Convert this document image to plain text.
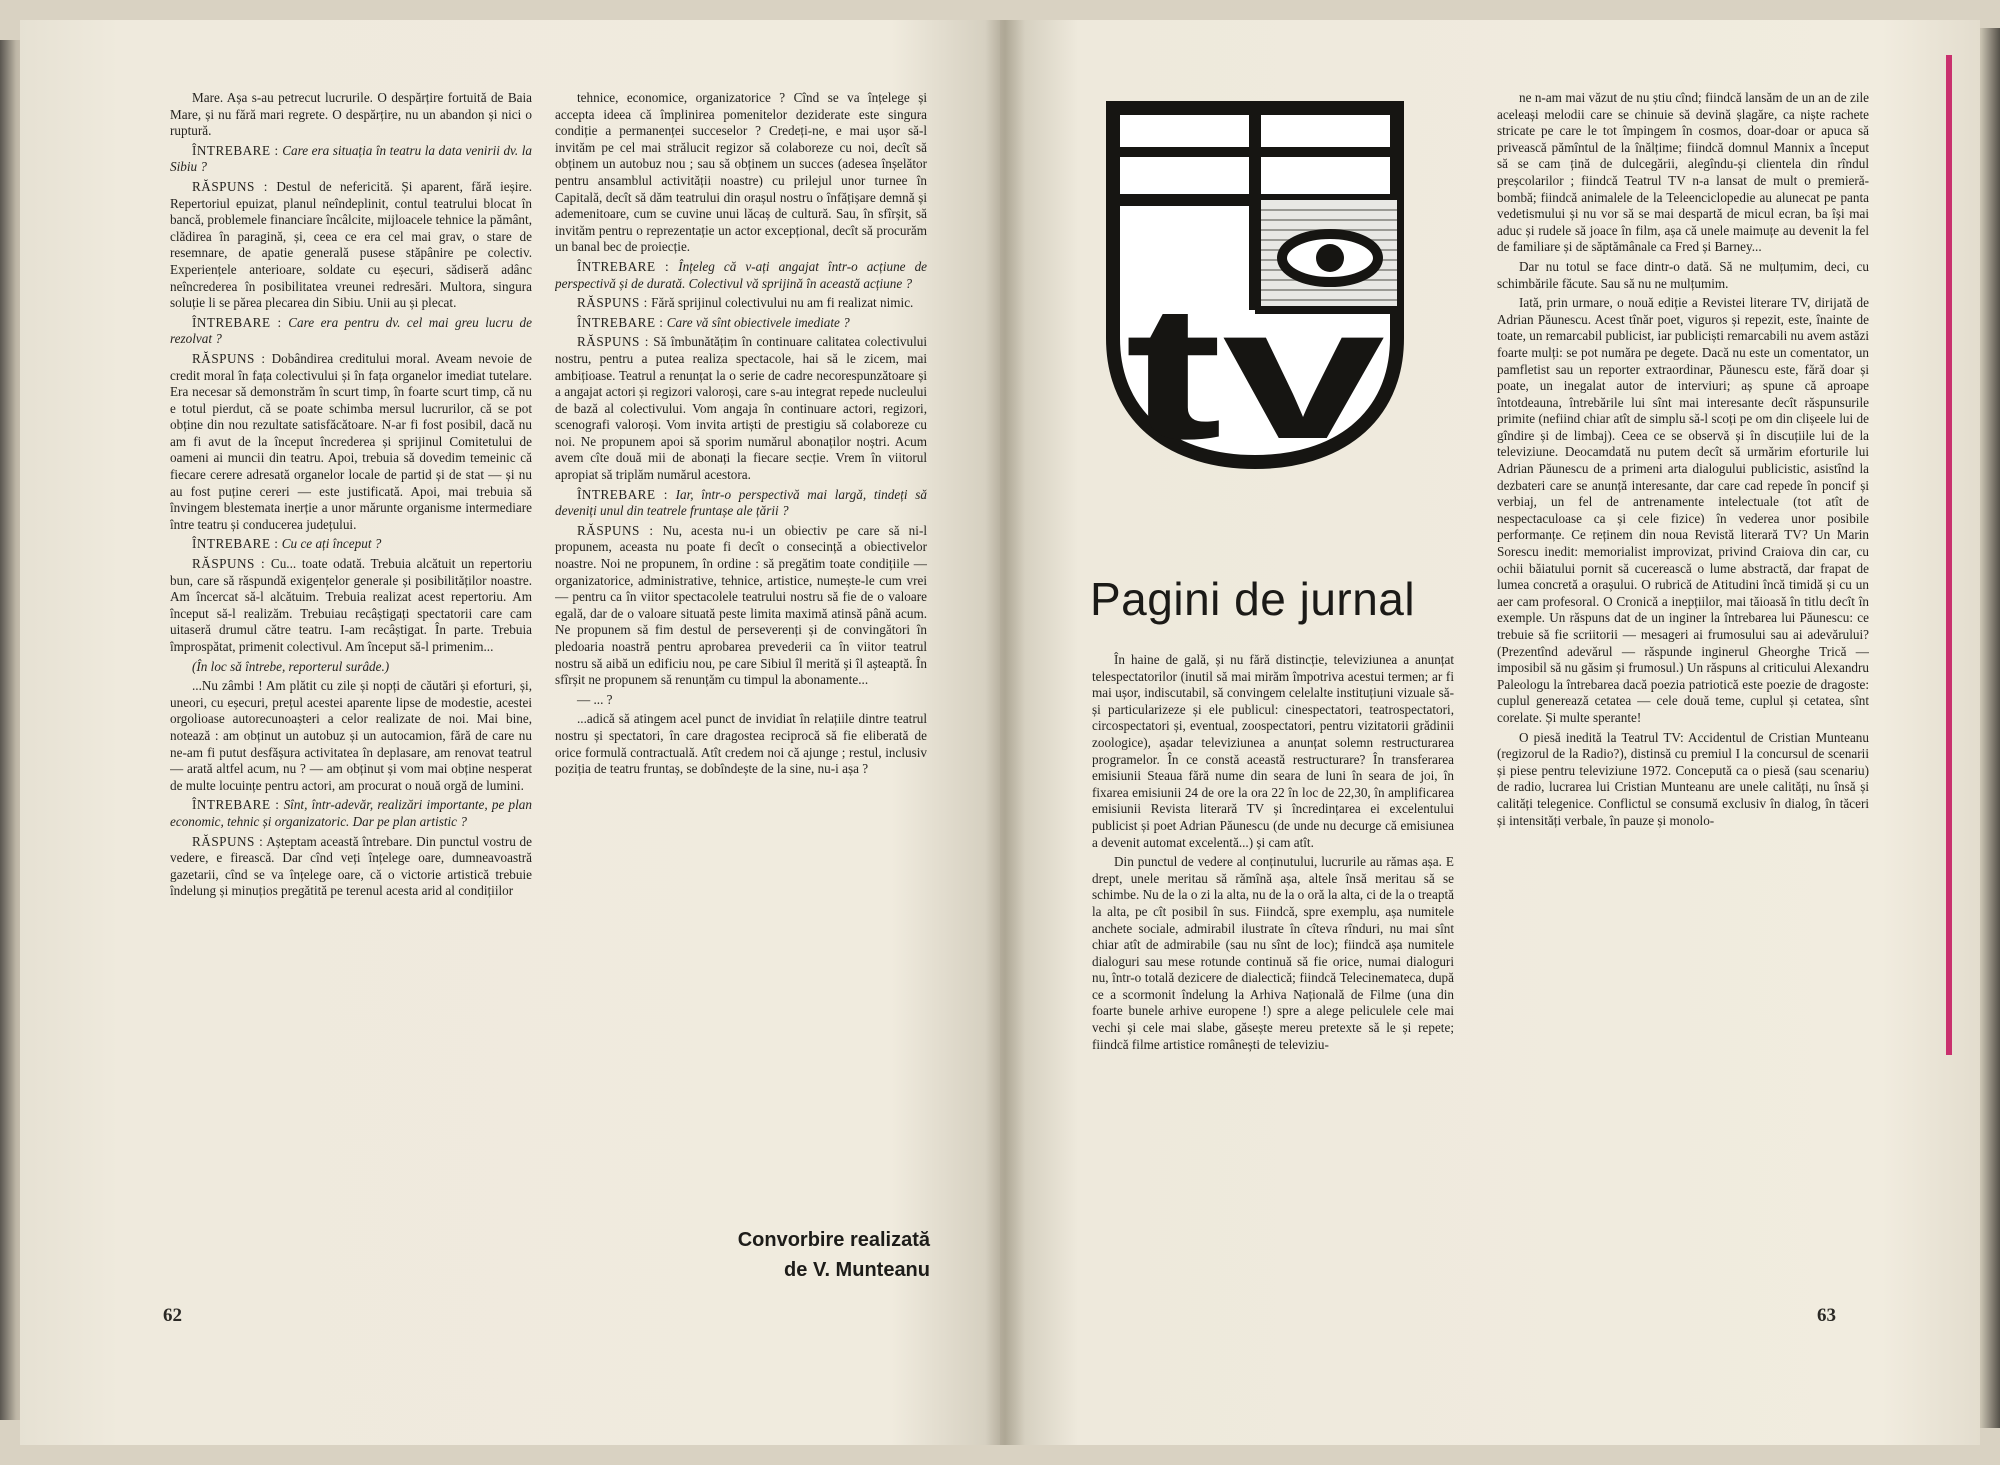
Mare. Așa s-au petrecut lucrurile. O despărțire fortuită de Baia Mare, și nu fără mari regrete. O despărțire, nu un abandon și nici o ruptură.

ÎNTREBARE : Care era situația în teatru la data venirii dv. la Sibiu ?

RĂSPUNS : Destul de nefericită. Și aparent, fără ieșire. Repertoriul epuizat, planul neîndeplinit, contul teatrului blocat în bancă, problemele financiare încâlcite, mijloacele tehnice la pământ, clădirea în paragină, și, ceea ce era cel mai grav, o stare de resemnare, de apatie generală pusese stăpânire pe colectiv. Experiențele anterioare, soldate cu eșecuri, sădiseră adânc neîncrederea în posibilitatea vreunei redresări. Multora, singura soluție li se părea plecarea din Sibiu. Unii au și plecat.

ÎNTREBARE : Care era pentru dv. cel mai greu lucru de rezolvat ?

RĂSPUNS : Dobândirea creditului moral. Aveam nevoie de credit moral în fața colectivului și în fața organelor imediat tutelare. Era necesar să demonstrăm în scurt timp, în foarte scurt timp, că nu e totul pierdut, că se poate schimba mersul lucrurilor, că se pot obține din nou rezultate satisfăcătoare. N-ar fi fost posibil, dacă nu am fi avut de la început încrederea și sprijinul Comitetului de oameni ai muncii din teatru. Apoi, trebuia să dovedim temeinic că fiecare cerere adresată organelor locale de partid și de stat — și nu au fost puține cereri — este justificată. Apoi, mai trebuia să învingem blestemata inerție a unor mărunte organisme intermediare între teatru și conducerea județului.

ÎNTREBARE : Cu ce ați început ?

RĂSPUNS : Cu... toate odată. Trebuia alcătuit un repertoriu bun, care să răspundă exigențelor generale și posibilităților noastre. Am încercat să-l alcătuim. Trebuia realizat acest repertoriu. Am început să-l realizăm. Trebuiau recâștigați spectatorii care cam uitaseră drumul către teatru. I-am recâștigat. În parte. Trebuia împrospătat, primenit colectivul. Am început să-l primenim...

(În loc să întrebe, reporterul surâde.)

...Nu zâmbi ! Am plătit cu zile și nopți de căutări și eforturi, și, uneori, cu eșecuri, prețul acestei aparente lipse de modestie, acestei orgolioase autorecunoașteri a celor realizate de noi. Mai bine, notează : am obținut un autobuz și un autocamion, fără de care nu ne-am fi putut desfășura activitatea în deplasare, am renovat teatrul — arată altfel acum, nu ? — am obținut și vom mai obține nesperat de multe locuințe pentru actori, am procurat o nouă orgă de lumini.

ÎNTREBARE : Sînt, într-adevăr, realizări importante, pe plan economic, tehnic și organizatoric. Dar pe plan artistic ?

RĂSPUNS : Așteptam această întrebare. Din punctul vostru de vedere, e firească. Dar cînd veți înțelege oare, dumneavoastră gazetarii, cînd se va înțelege oare, că o victorie artistică trebuie îndelung și minuțios pregătită pe terenul acesta arid al condițiilor

tehnice, economice, organizatorice ? Cînd se va înțelege și accepta ideea că împlinirea pomenitelor deziderate este singura condiție a permanenței succeselor ? Credeți-ne, e mai ușor să-l invităm pe cel mai strălucit regizor să colaboreze cu noi, decît să obținem un autobuz nou ; sau să obținem un succes (adesea înșelător pentru ansamblul activității noastre) cu prilejul unor turnee în Capitală, decît să dăm teatrului din orașul nostru o înfățișare demnă și ademenitoare, cum se cuvine unui lăcaș de cultură. Sau, în sfîrșit, să invităm pentru o reprezentație un actor excepțional, decît să procurăm un banal bec de proiecție.

ÎNTREBARE : Înțeleg că v-ați angajat într-o acțiune de perspectivă și de durată. Colectivul vă sprijină în această acțiune ?

RĂSPUNS : Fără sprijinul colectivului nu am fi realizat nimic.

ÎNTREBARE : Care vă sînt obiectivele imediate ?

RĂSPUNS : Să îmbunătățim în continuare calitatea colectivului nostru, pentru a putea realiza spectacole, hai să le zicem, mai ambițioase. Teatrul a renunțat la o serie de cadre necorespunzătoare și a angajat actori și regizori valoroși, care s-au integrat repede nucleului de bază al colectivului. Vom angaja în continuare actori, regizori, scenografi valoroși. Vom invita artiști de prestigiu să colaboreze cu noi. Ne propunem apoi să sporim numărul abonaților noștri. Acum avem cîte două mii de abonați la fiecare secție. Vrem în viitorul apropiat să triplăm numărul acestora.

ÎNTREBARE : Iar, într-o perspectivă mai largă, tindeți să deveniți unul din teatrele fruntașe ale țării ?

RĂSPUNS : Nu, acesta nu-i un obiectiv pe care să ni-l propunem, aceasta nu poate fi decît o consecință a obiectivelor noastre. Noi ne propunem, în ordine : să pregătim toate condițiile — organizatorice, administrative, tehnice, artistice, numește-le cum vrei — pentru ca în viitor spectacolele teatrului nostru să fie de o valoare egală, dar de o valoare situată peste limita maximă atinsă până acum. Ne propunem să fim destul de perseverenți și de convingători în pledoaria noastră pentru aprobarea prevederii ca în viitor teatrul nostru să aibă un edificiu nou, pe care Sibiul îl merită și îl așteaptă. În sfîrșit ne propunem să renunțăm cu timpul la abonamente...

— ... ?

...adică să atingem acel punct de invidiat în relațiile dintre teatrul nostru și spectatori, în care dragostea reciprocă să fie eliberată de orice formulă contractuală. Atît credem noi că ajunge ; restul, inclusiv poziția de teatru fruntaș, se dobîndește de la sine, nu-i așa ?

Convorbire realizată
de V. Munteanu
62
tv
Pagini de jurnal

În haine de gală, și nu fără distincție, televiziunea a anunțat telespectatorilor (inutil să mai mirăm împotriva acestui termen; ar fi mai ușor, indiscutabil, să convingem celelalte instituțiuni vizuale să-și particularizeze și ele publicul: cinespectatori, teatrospectatori, circospectatori și, eventual, zoospectatori, pentru vizitatorii grădinii zoologice), așadar televiziunea a anunțat solemn restructurarea programelor. În ce constă această restructurare? În transferarea emisiunii Steaua fără nume din seara de luni în seara de joi, în fixarea emisiunii 24 de ore la ora 22 în loc de 22,30, în amplificarea emisiunii Revista literară TV și încredințarea ei excelentului publicist și poet Adrian Păunescu (de unde nu decurge că emisiunea a devenit automat excelentă...) și cam atît.

Din punctul de vedere al conținutului, lucrurile au rămas așa. E drept, unele meritau să rămînă așa, altele însă meritau să se schimbe. Nu de la o zi la alta, nu de la o oră la alta, ci de la o treaptă la alta, pe cît posibil în sus. Fiindcă, spre exemplu, așa numitele anchete sociale, admirabil ilustrate în cîteva rînduri, nu mai sînt chiar atît de admirabile (sau nu sînt de loc); fiindcă așa numitele dialoguri sau mese rotunde continuă să fie orice, numai dialoguri nu, într-o totală dezicere de dialectică; fiindcă Telecinemateca, după ce a scormonit îndelung la Arhiva Națională de Filme (una din foarte bunele arhive europene !) spre a alege peliculele cele mai vechi și cele mai slabe, găsește mereu pretexte să le și repete; fiindcă filme artistice românești de televiziu-

ne n-am mai văzut de nu știu cînd; fiindcă lansăm de un an de zile aceleași melodii care se chinuie să devină șlagăre, ca niște rachete stricate pe care le tot împingem în cosmos, doar-doar or apuca să privească pămîntul de la înălțime; fiindcă domnul Mannix a început să se cam țină de dulcegării, alegîndu-și clientela din rîndul preșcolarilor ; fiindcă Teatrul TV n-a lansat de mult o premieră-bombă; fiindcă animalele de la Teleenciclopedie au alunecat pe panta vedetismului și nu vor să se mai despartă de micul ecran, ba își mai aduc și rudele să joace în film, așa că unele maimuțe au devenit la fel de familiare și de săptămânale ca Fred și Barney...

Dar nu totul se face dintr-o dată. Să ne mulțumim, deci, cu schimbările făcute. Sau să nu ne mulțumim.

Iată, prin urmare, o nouă ediție a Revistei literare TV, dirijată de Adrian Păunescu. Acest tînăr poet, viguros și repezit, este, înainte de toate, un remarcabil publicist, iar publiciști remarcabili nu avem astăzi foarte mulți: se pot număra pe degete. Dacă nu este un comentator, un pamfletist sau un reporter extraordinar, Păunescu este, fără doar și poate, un inegalat autor de interviuri; aș spune că aproape întotdeauna, întrebările lui sînt mai interesante decît răspunsurile primite (nefiind chiar atît de simplu să-l scoți pe om din clișeele lui de gîndire și de limbaj). Ceea ce se observă și în discuțiile lui de la televiziune. Deocamdată nu putem decît să urmărim eforturile lui Adrian Păunescu de a primeni arta dialogului publicistic, asistînd la dezbateri care se anunță interesante, dar care cad repede în poncif și verbiaj, un fel de antrenamente intelectuale (tot atît de nespectaculoase ca și cele fizice) în vederea unor posibile performanțe. Ce reținem din noua Revistă literară TV? Un Marin Sorescu inedit: memorialist improvizat, privind Craiova din car, cu ochii băiatului pornit să cucerească o lume abstractă, dar frapat de lumea concretă a orașului. O rubrică de Atitudini încă timidă și cu un aer cam profesoral. O Cronică a inepțiilor, mai tăioasă în titlu decît în exemple. Un răspuns dat de un inginer la întrebarea lui Păunescu: ce trebuie să fie scriitorii — mesageri ai frumosului sau ai adevărului? (Prezentînd adevărul — răspunde inginerul Gheorghe Trică — imposibil să nu găsim și frumosul.) Un răspuns al criticului Alexandru Paleologu la întrebarea dacă poezia patriotică este poezie de dragoste: cuplul generează cetatea — cele două teme, cuplul și cetatea, sînt corelate. Și multe sperante!

O piesă inedită la Teatrul TV: Accidentul de Cristian Munteanu (regizorul de la Radio?), distinsă cu premiul I la concursul de scenarii și piese pentru televiziune 1972. Concepută ca o piesă (sau scenariu) de radio, lucrarea lui Cristian Munteanu are unele calități, nu însă și calități telegenice. Conflictul se consumă exclusiv în dialog, în tăceri și intensități verbale, în pauze și monolo-

63
